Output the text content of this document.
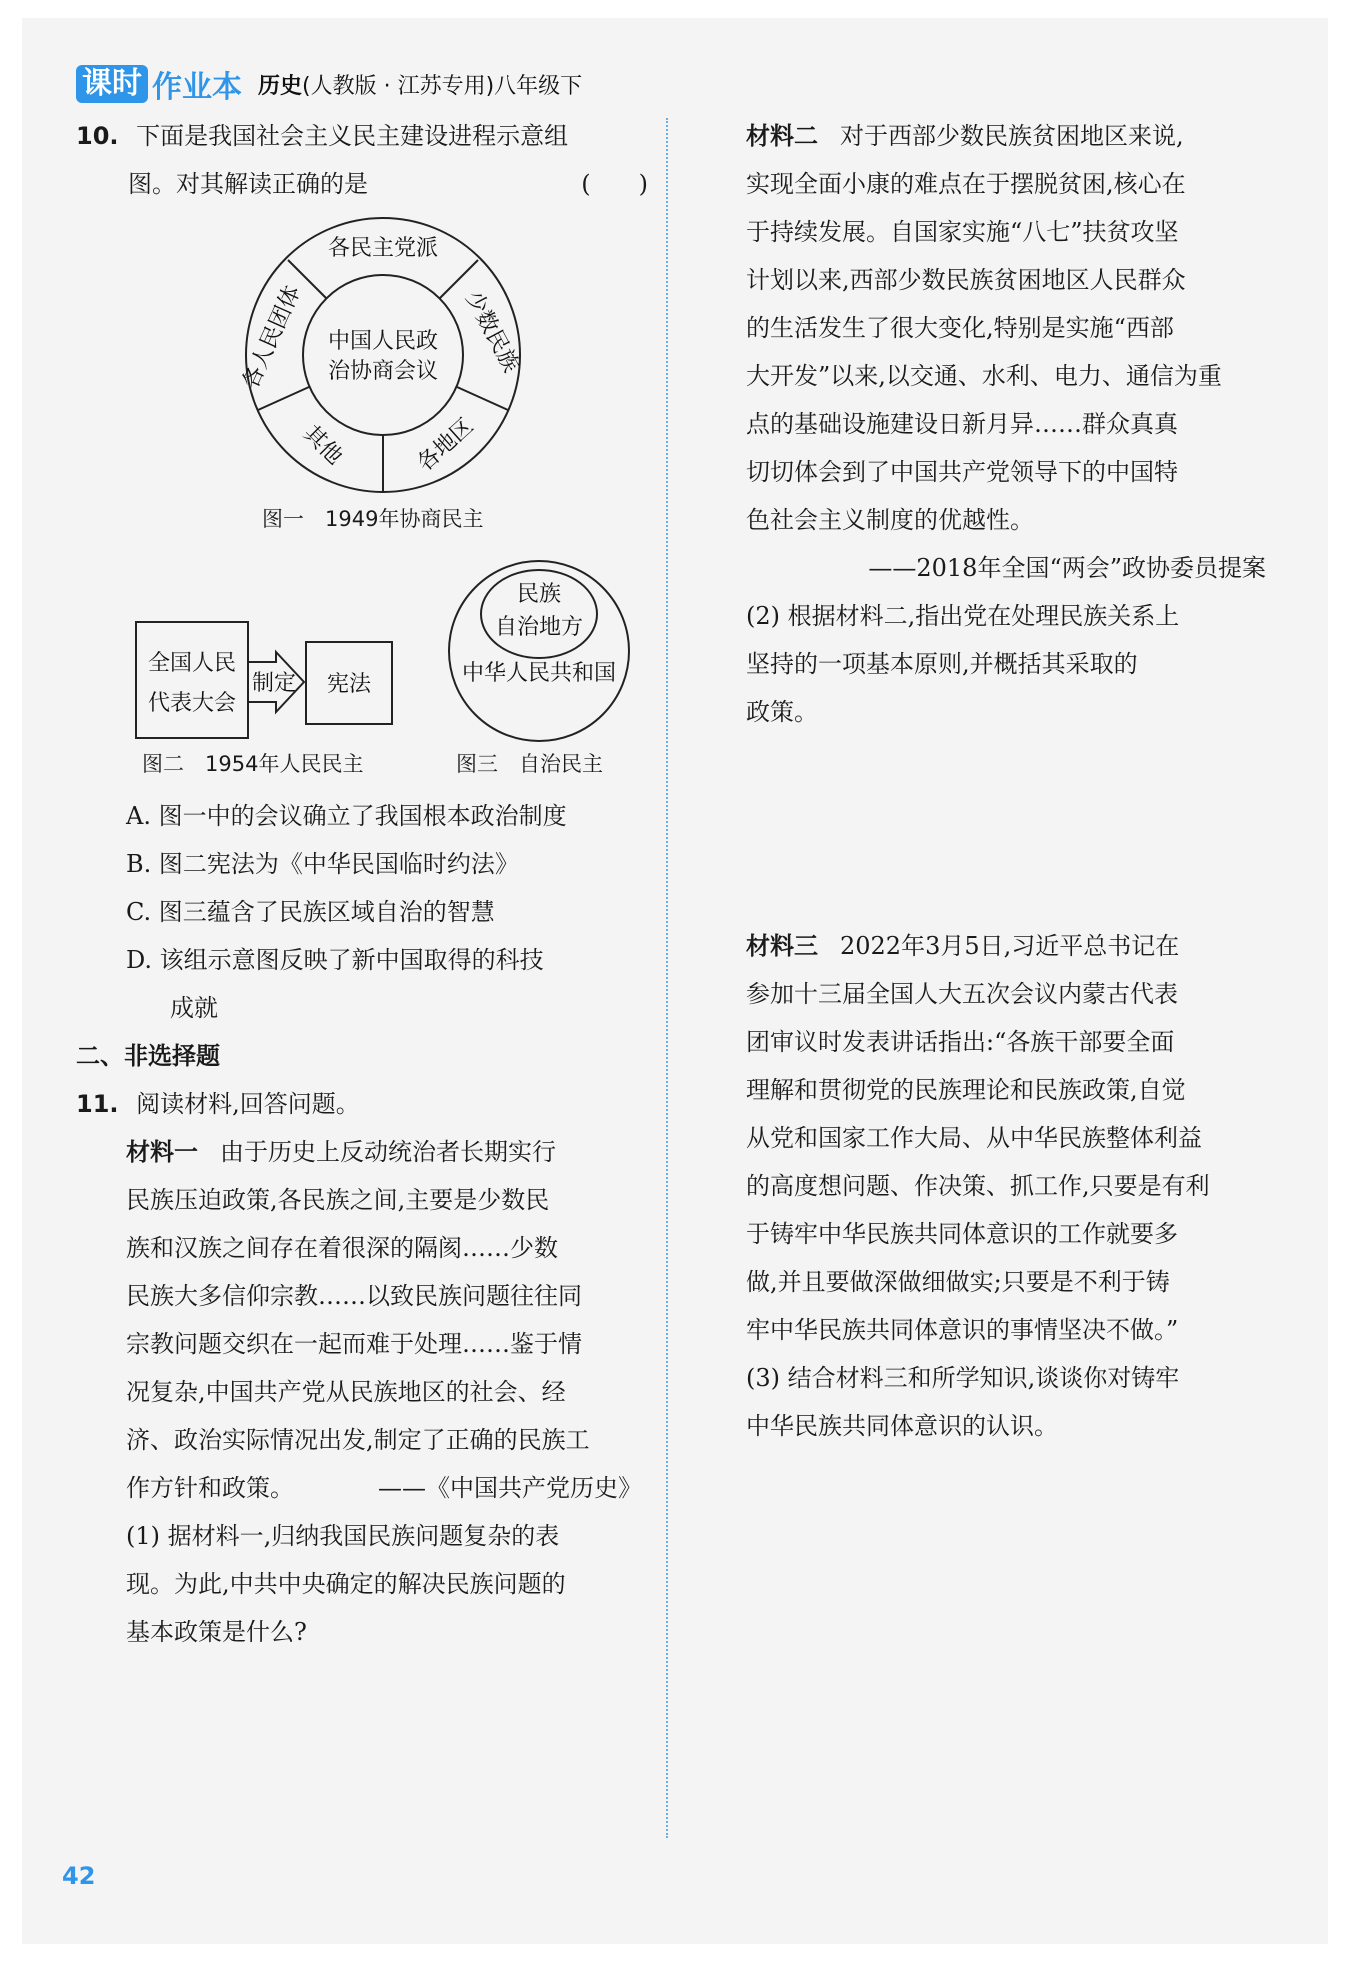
课时 作业本 历史(人教版 · 江苏专用)八年级下
10. 下面是我国社会主义民主建设进程示意组
图。对其解读正确的是	(　　)
中国人民政
治协商会议
各民主党派
少数民族
各人民团体
其他	各地区
图一　1949年协商民主
全国人民
代表大会
制定 宪法
图二　1954年人民民主
民族
自治地方
中华人民共和国
图三　自治民主
A. 图一中的会议确立了我国根本政治制度
B. 图二宪法为《中华民国临时约法》
C. 图三蕴含了民族区域自治的智慧
D. 该组示意图反映了新中国取得的科技
成就
二、非选择题
11. 阅读材料,回答问题。
材料一 由于历史上反动统治者长期实行
民族压迫政策,各民族之间,主要是少数民
族和汉族之间存在着很深的隔阂……少数
民族大多信仰宗教……以致民族问题往往同
宗教问题交织在一起而难于处理……鉴于情
况复杂,中国共产党从民族地区的社会、经
济、政治实际情况出发,制定了正确的民族工
作方针和政策。	——《中国共产党历史》
(1) 据材料一,归纳我国民族问题复杂的表
现。为此,中共中央确定的解决民族问题的
基本政策是什么?
材料二 对于西部少数民族贫困地区来说,
实现全面小康的难点在于摆脱贫困,核心在
于持续发展。自国家实施“八七”扶贫攻坚
计划以来,西部少数民族贫困地区人民群众
的生活发生了很大变化,特别是实施“西部
大开发”以来,以交通、水利、电力、通信为重
点的基础设施建设日新月异……群众真真
切切体会到了中国共产党领导下的中国特
色社会主义制度的优越性。
——2018年全国“两会”政协委员提案
(2) 根据材料二,指出党在处理民族关系上
坚持的一项基本原则,并概括其采取的
政策。
材料三 2022年3月5日,习近平总书记在
参加十三届全国人大五次会议内蒙古代表
团审议时发表讲话指出:“各族干部要全面
理解和贯彻党的民族理论和民族政策,自觉
从党和国家工作大局、从中华民族整体利益
的高度想问题、作决策、抓工作,只要是有利
于铸牢中华民族共同体意识的工作就要多
做,并且要做深做细做实;只要是不利于铸
牢中华民族共同体意识的事情坚决不做。”
(3) 结合材料三和所学知识,谈谈你对铸牢
中华民族共同体意识的认识。
42
